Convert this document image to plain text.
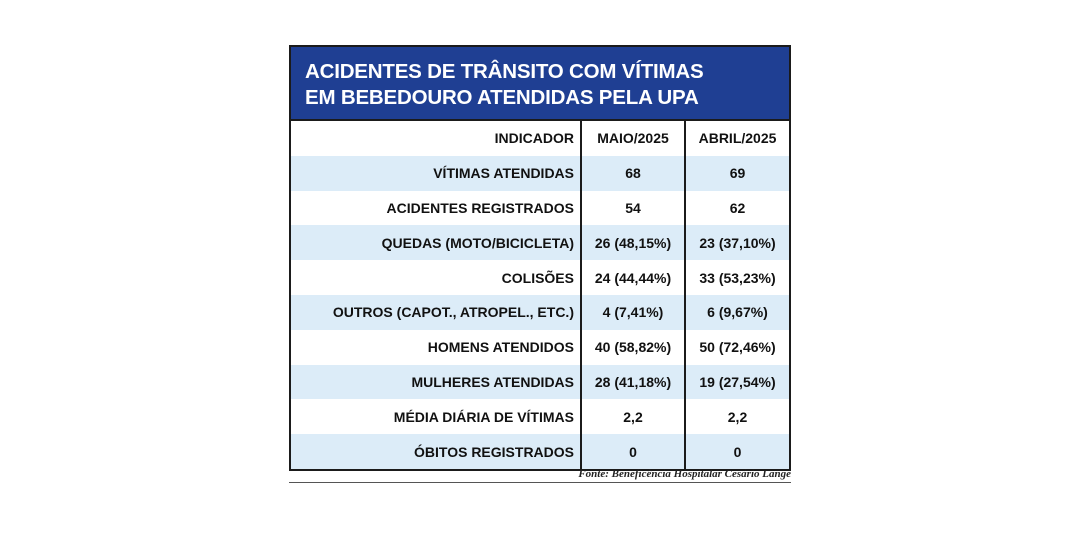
ACIDENTES DE TRÂNSITO COM VÍTIMAS
EM BEBEDOURO ATENDIDAS PELA UPA
INDICADOR	MAIO/2025	ABRIL/2025
VÍTIMAS ATENDIDAS	68	69
ACIDENTES REGISTRADOS	54	62
QUEDAS (MOTO/BICICLETA)	26 (48,15%)	23 (37,10%)
COLISÕES	24 (44,44%)	33 (53,23%)
OUTROS (CAPOT., ATROPEL., ETC.)	4 (7,41%)	6 (9,67%)
HOMENS ATENDIDOS	40 (58,82%)	50 (72,46%)
MULHERES ATENDIDAS	28 (41,18%)	19 (27,54%)
MÉDIA DIÁRIA DE VÍTIMAS	2,2	2,2
ÓBITOS REGISTRADOS	0	0
Fonte: Beneficência Hospitalar Cesário Lange
